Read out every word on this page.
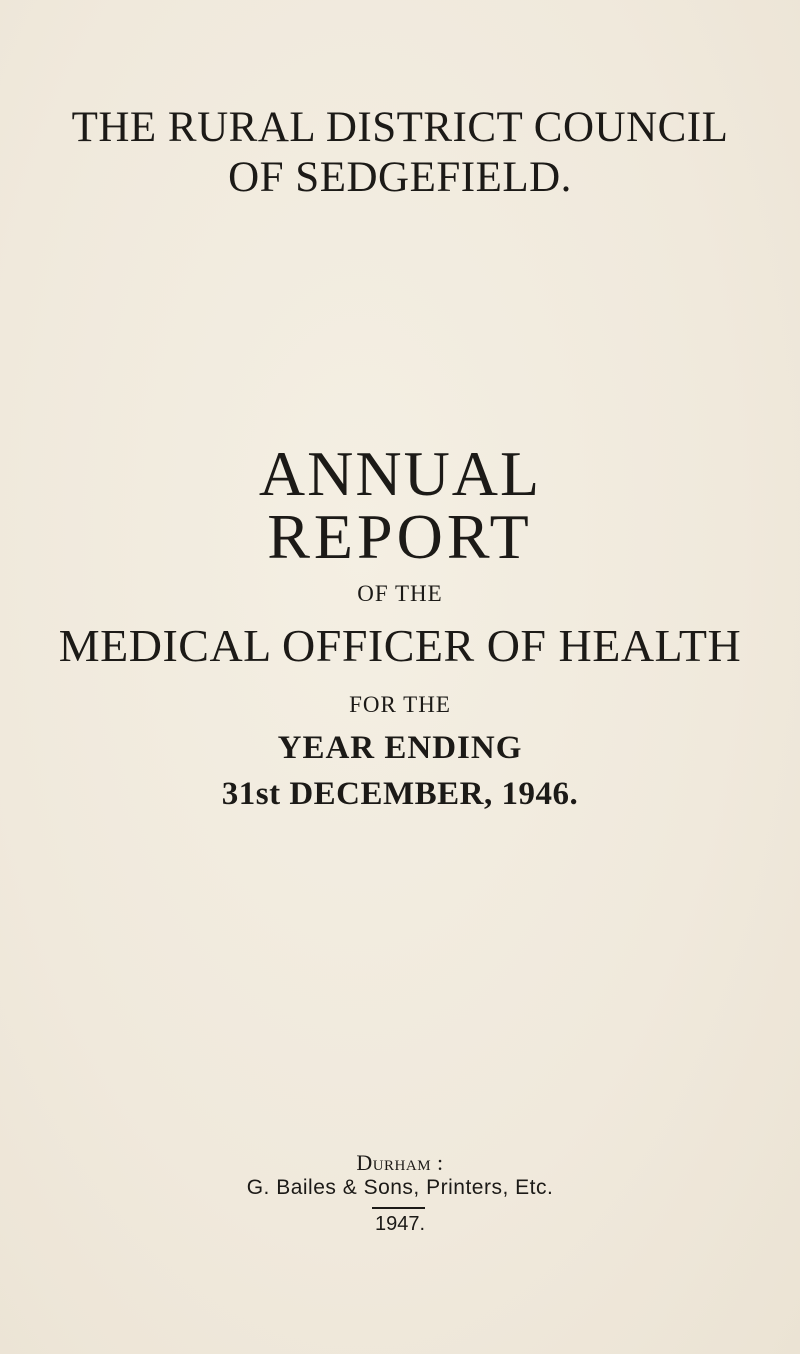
THE RURAL DISTRICT COUNCIL
OF SEDGEFIELD.
ANNUAL
REPORT
OF THE
MEDICAL OFFICER OF HEALTH
FOR THE
YEAR ENDING
31st DECEMBER, 1946.
Durham :
G. Bailes & Sons, Printers, Etc.
1947.
